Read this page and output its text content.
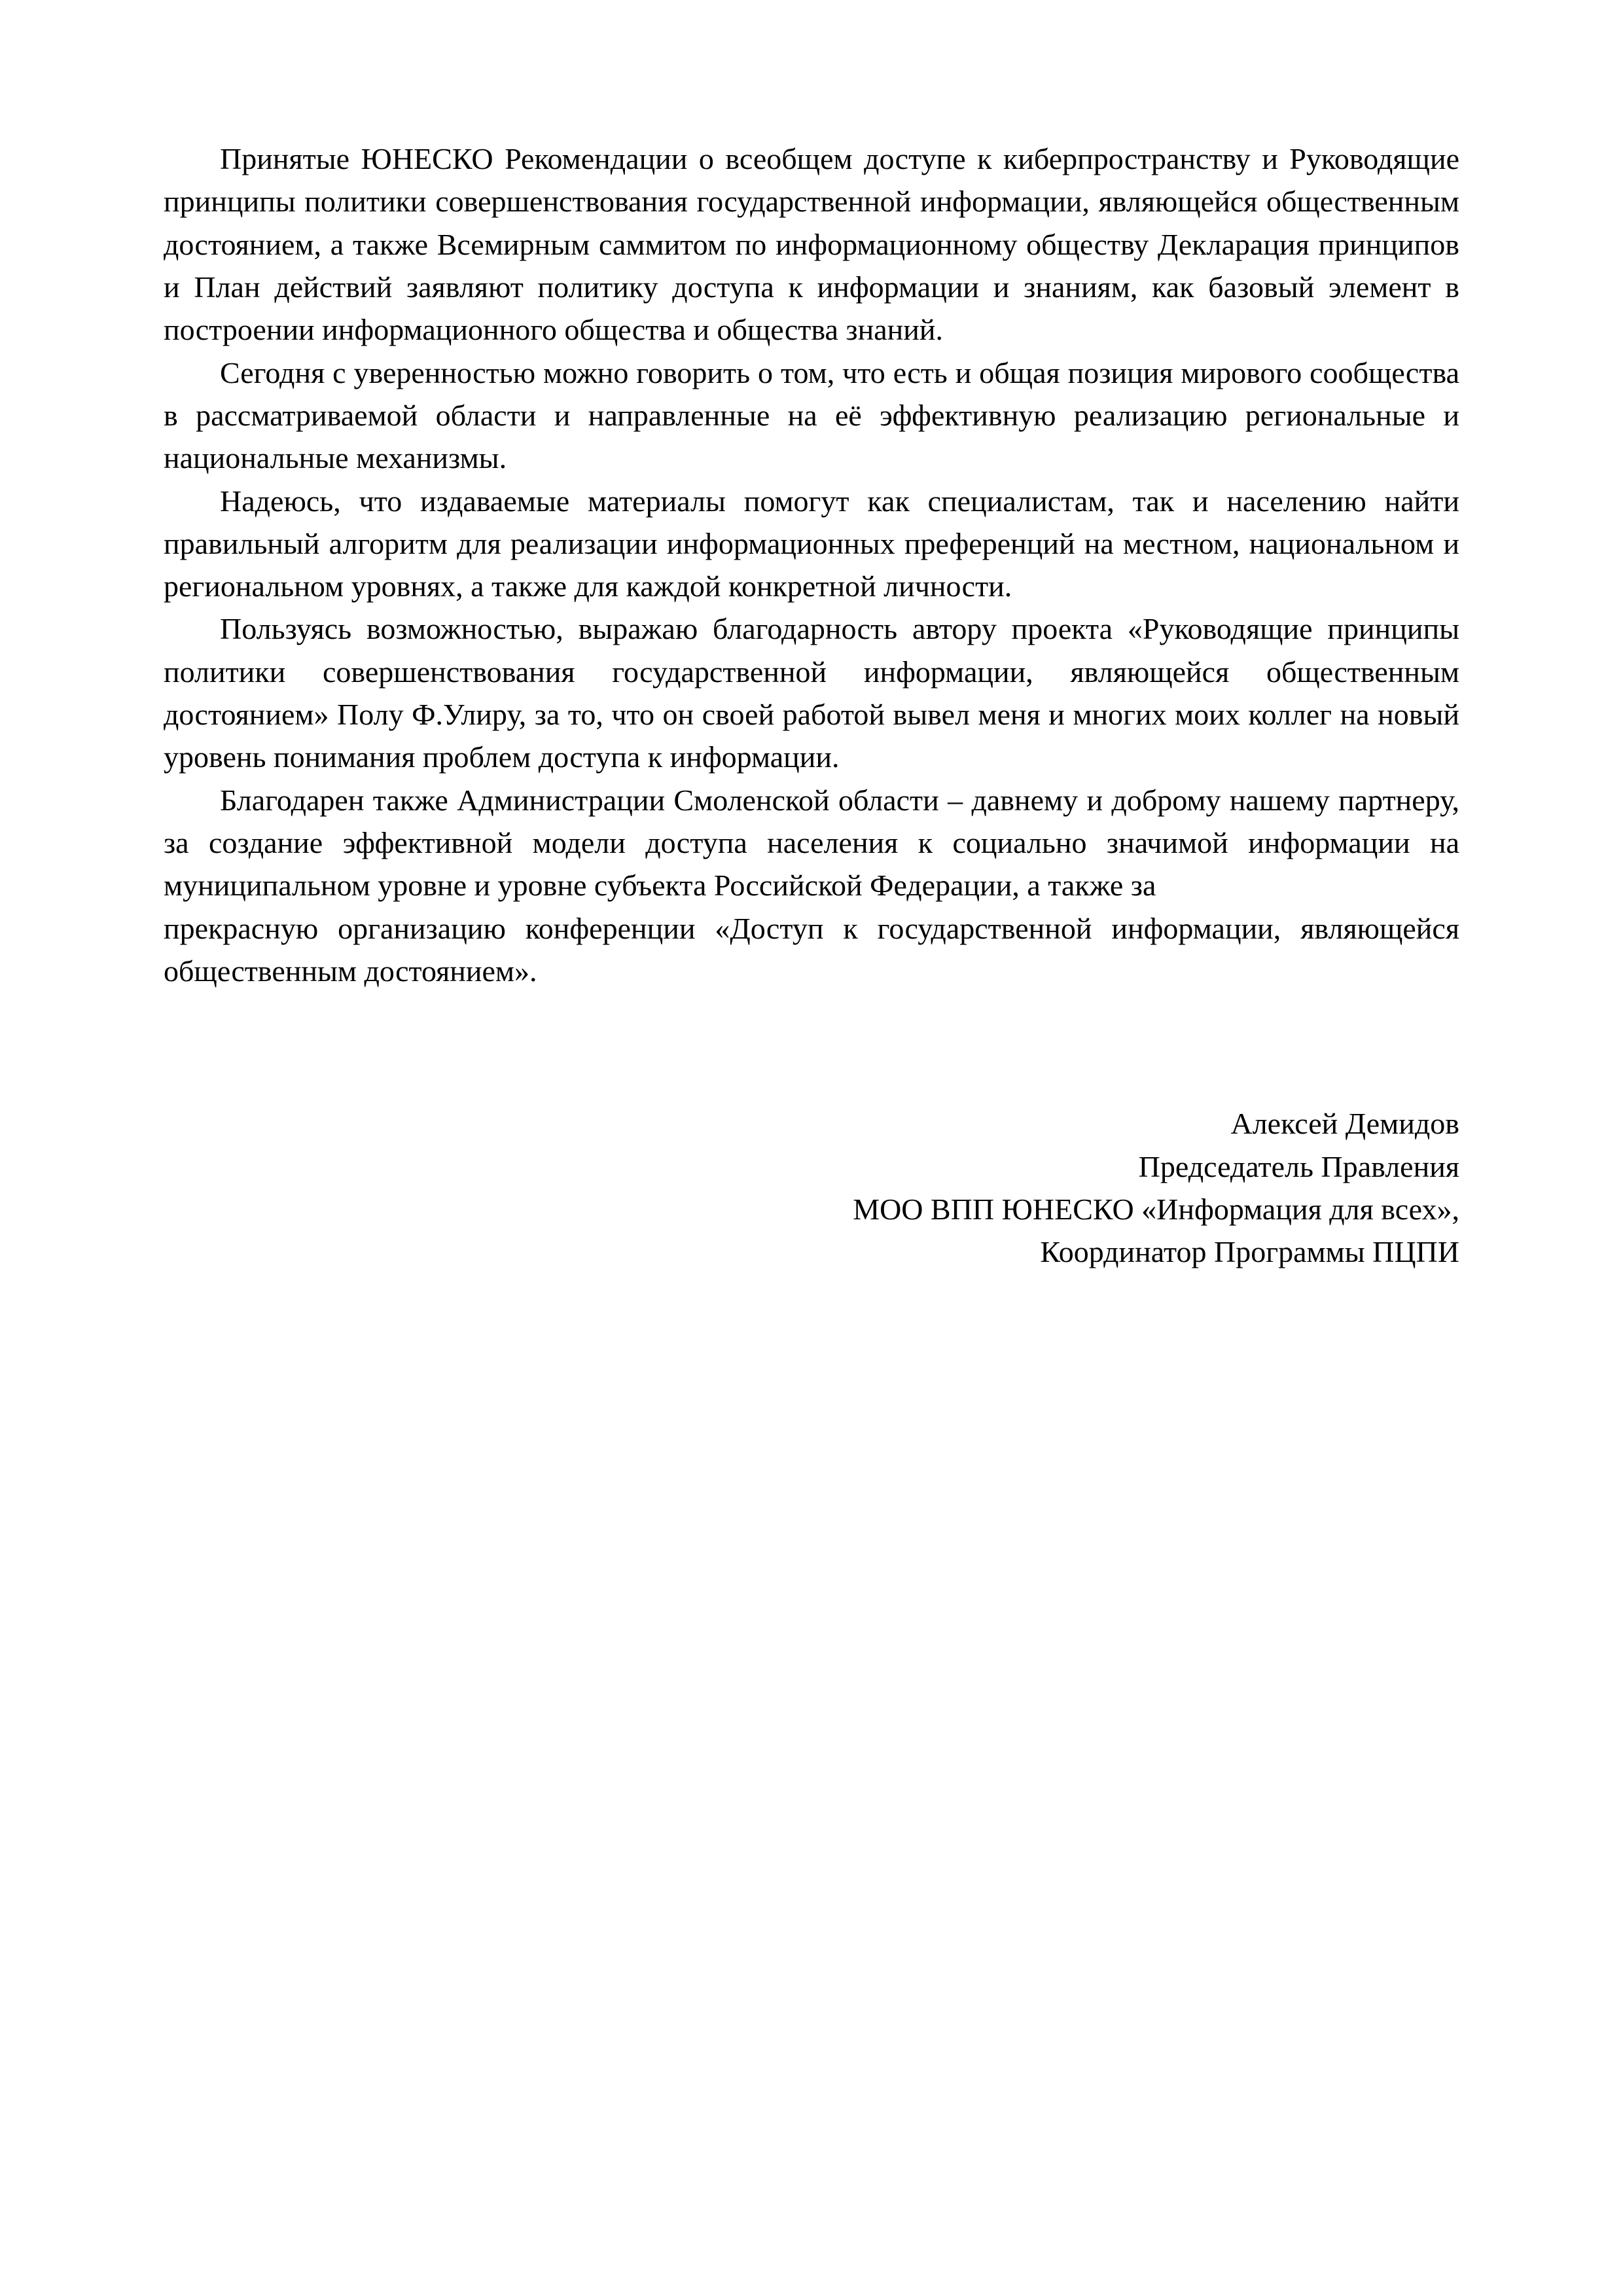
Принятые ЮНЕСКО Рекомендации о всеобщем доступе к киберпространству и Руководящие принципы политики совершенствования государственной информации, являющейся общественным достоянием, а также Всемирным саммитом по информационному обществу Декларация принципов и План действий заявляют политику доступа к информации и знаниям, как базовый элемент в построении информационного общества и общества знаний.

Сегодня с уверенностью можно говорить о том, что есть и общая позиция мирового сообщества в рассматриваемой области и направленные на её эффективную реализацию региональные и национальные механизмы.

Надеюсь, что издаваемые материалы помогут как специалистам, так и населению найти правильный алгоритм для реализации информационных преференций на местном, национальном и региональном уровнях, а также для каждой конкретной личности.

Пользуясь возможностью, выражаю благодарность автору проекта «Руководящие принципы политики совершенствования государственной информации, являющейся общественным достоянием» Полу Ф.Улиру, за то, что он своей работой вывел меня и многих моих коллег на новый уровень понимания проблем доступа к информации.

Благодарен также Администрации Смоленской области – давнему и доброму нашему партнеру, за создание эффективной модели доступа населения к социально значимой информации на муниципальном уровне и уровне субъекта Российской Федерации, а также за

прекрасную организацию конференции «Доступ к государственной информации, являющейся общественным достоянием».

Алексей Демидов
Председатель Правления
МОО ВПП ЮНЕСКО «Информация для всех»,
Координатор Программы ПЦПИ
